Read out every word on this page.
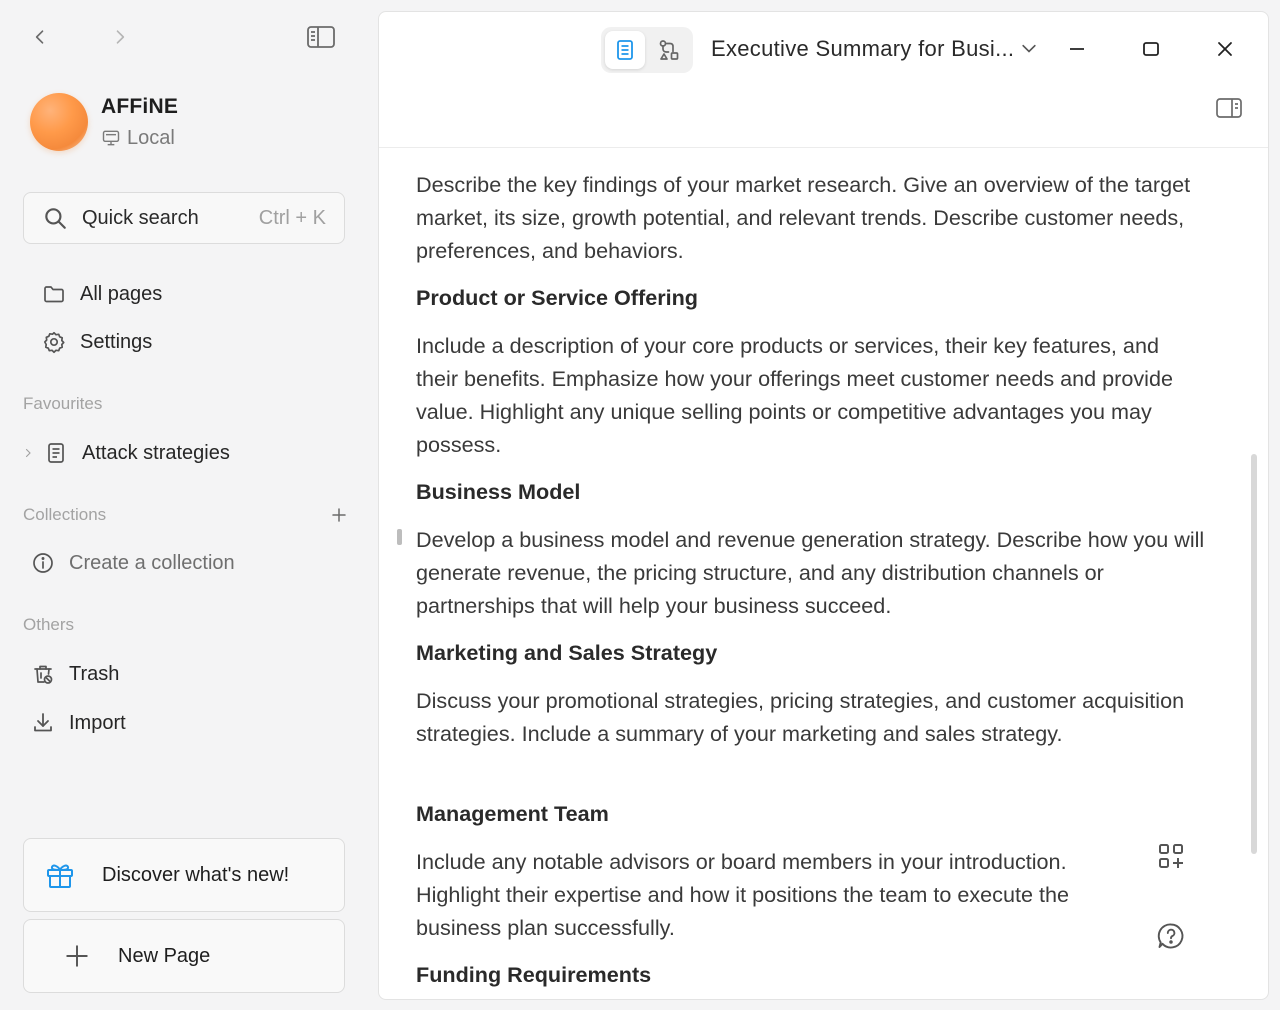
AFFiNE
Local
Quick search	Ctrl + K
All pages
Settings
Favourites
Attack strategies
Collections
Create a collection
Others
Trash
Import
Discover what's new!
New Page
Executive Summary for Busi...

Describe the key findings of your market research. Give an overview of the target market, its size, growth potential, and relevant trends. Describe customer needs, preferences, and behaviors.

Product or Service Offering

Include a description of your core products or services, their key features, and their benefits. Emphasize how your offerings meet customer needs and provide value. Highlight any unique selling points or competitive advantages you may possess.

Business Model

Develop a business model and revenue generation strategy. Describe how you will generate revenue, the pricing structure, and any distribution channels or partnerships that will help your business succeed.

Marketing and Sales Strategy

Discuss your promotional strategies, pricing strategies, and customer acquisition strategies. Include a summary of your marketing and sales strategy.

Management Team

Include any notable advisors or board members in your introduction. Highlight their expertise and how it positions the team to execute the business plan successfully.

Funding Requirements
